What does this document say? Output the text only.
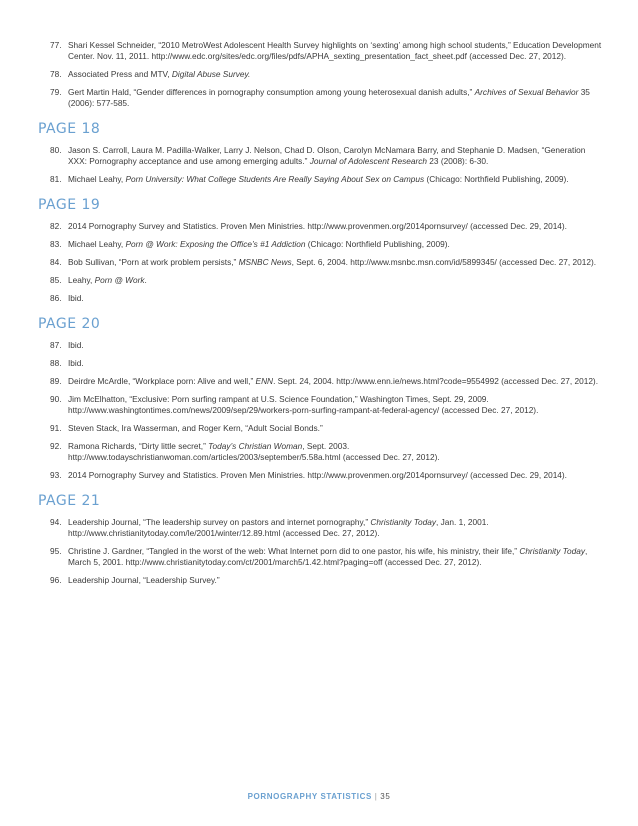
77. Shari Kessel Schneider, “2010 MetroWest Adolescent Health Survey highlights on ‘sexting’ among high school students,” Education Development Center. Nov. 11, 2011. http://www.edc.org/sites/edc.org/files/pdfs/APHA_sexting_presentation_fact_sheet.pdf (accessed Dec. 27, 2012).
78. Associated Press and MTV, Digital Abuse Survey.
79. Gert Martin Hald, “Gender differences in pornography consumption among young heterosexual danish adults,” Archives of Sexual Behavior 35 (2006): 577-585.
PAGE 18
80. Jason S. Carroll, Laura M. Padilla-Walker, Larry J. Nelson, Chad D. Olson, Carolyn McNamara Barry, and Stephanie D. Madsen, “Generation XXX: Pornography acceptance and use among emerging adults.” Journal of Adolescent Research 23 (2008): 6-30.
81. Michael Leahy, Porn University: What College Students Are Really Saying About Sex on Campus (Chicago: Northfield Publishing, 2009).
PAGE 19
82. 2014 Pornography Survey and Statistics. Proven Men Ministries. http://www.provenmen.org/2014pornsurvey/ (accessed Dec. 29, 2014).
83. Michael Leahy, Porn @ Work: Exposing the Office’s #1 Addiction (Chicago: Northfield Publishing, 2009).
84. Bob Sullivan, “Porn at work problem persists,” MSNBC News, Sept. 6, 2004. http://www.msnbc.msn.com/id/5899345/ (accessed Dec. 27, 2012).
85. Leahy, Porn @ Work.
86. Ibid.
PAGE 20
87. Ibid.
88. Ibid.
89. Deirdre McArdle, “Workplace porn: Alive and well,” ENN. Sept. 24, 2004. http://www.enn.ie/news.html?code=9554992 (accessed Dec. 27, 2012).
90. Jim McElhatton, “Exclusive: Porn surfing rampant at U.S. Science Foundation,” Washington Times, Sept. 29, 2009. http://www.washingtontimes.com/news/2009/sep/29/workers-porn-surfing-rampant-at-federal-agency/ (accessed Dec. 27, 2012).
91. Steven Stack, Ira Wasserman, and Roger Kern, “Adult Social Bonds.”
92. Ramona Richards, “Dirty little secret,” Today’s Christian Woman, Sept. 2003. http://www.todayschristianwoman.com/articles/2003/september/5.58a.html (accessed Dec. 27, 2012).
93. 2014 Pornography Survey and Statistics. Proven Men Ministries. http://www.provenmen.org/2014pornsurvey/ (accessed Dec. 29, 2014).
PAGE 21
94. Leadership Journal, “The leadership survey on pastors and internet pornography,” Christianity Today, Jan. 1, 2001. http://www.christianitytoday.com/le/2001/winter/12.89.html (accessed Dec. 27, 2012).
95. Christine J. Gardner, “Tangled in the worst of the web: What Internet porn did to one pastor, his wife, his ministry, their life,” Christianity Today, March 5, 2001. http://www.christianitytoday.com/ct/2001/march5/1.42.html?paging=off (accessed Dec. 27, 2012).
96. Leadership Journal, “Leadership Survey.”
PORNOGRAPHY STATISTICS | 35
